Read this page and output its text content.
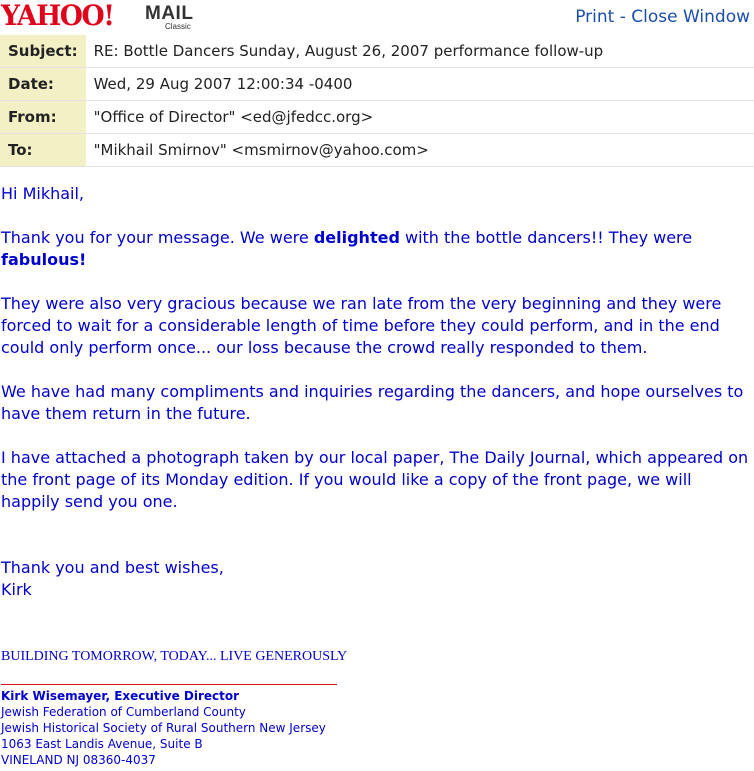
YAHOO! MAIL
Classic	Print - Close Window
Subject:	RE: Bottle Dancers Sunday, August 26, 2007 performance follow-up
Date:	Wed, 29 Aug 2007 12:00:34 -0400
From:	"Office of Director" <ed@jfedcc.org>
To:	"Mikhail Smirnov" <msmirnov@yahoo.com>

Hi Mikhail,

Thank you for your message. We were delighted with the bottle dancers!! They were fabulous!

They were also very gracious because we ran late from the very beginning and they were forced to wait for a considerable length of time before they could perform, and in the end could only perform once... our loss because the crowd really responded to them.

We have had many compliments and inquiries regarding the dancers, and hope ourselves to have them return in the future.

I have attached a photograph taken by our local paper, The Daily Journal, which appeared on the front page of its Monday edition. If you would like a copy of the front page, we will happily send you one.

Thank you and best wishes,

Kirk

BUILDING TOMORROW, TODAY... LIVE GENEROUSLY
Kirk Wisemayer, Executive Director
Jewish Federation of Cumberland County
Jewish Historical Society of Rural Southern New Jersey
1063 East Landis Avenue, Suite B
VINELAND NJ 08360-4037
